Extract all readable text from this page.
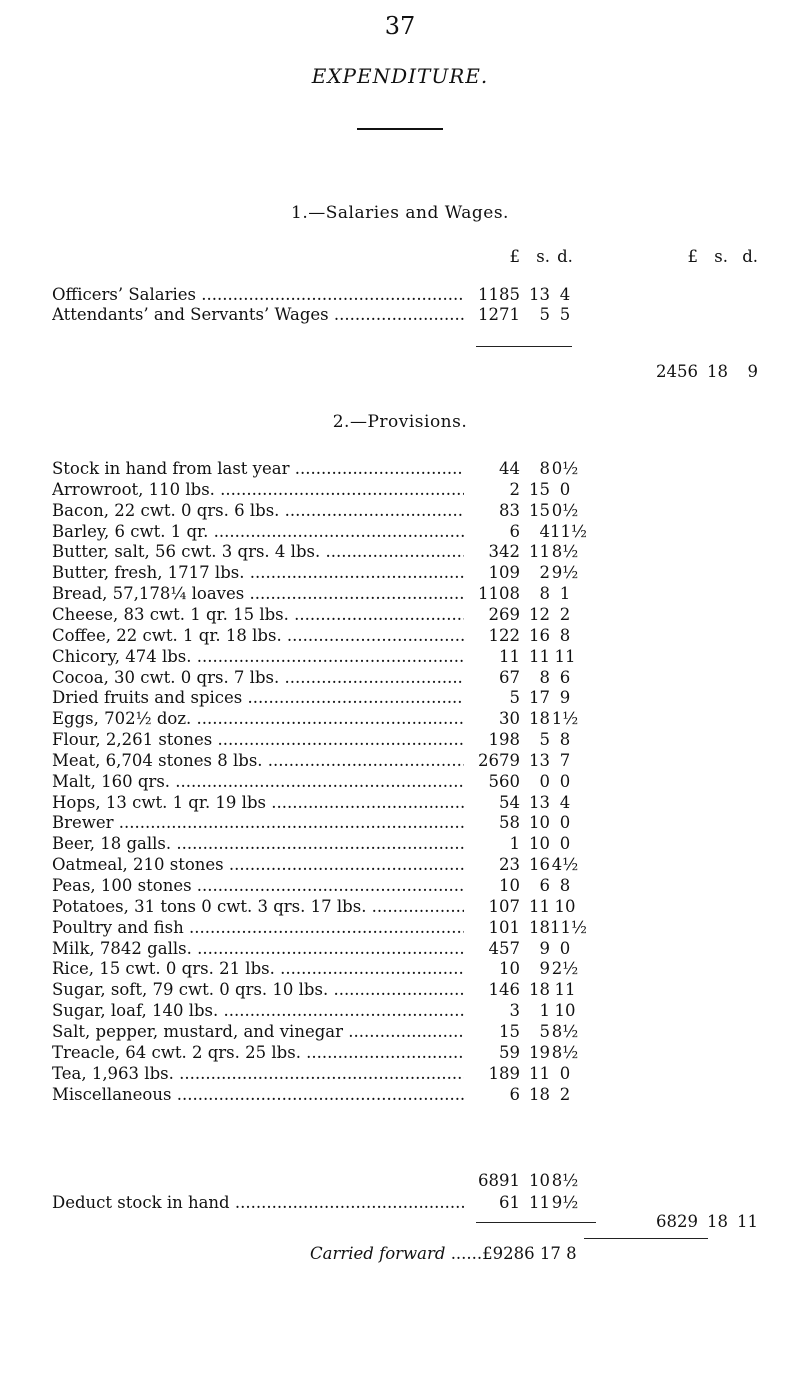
37
EXPENDITURE.
1.—Salaries and Wages.
£ s. d.	£ s. d.
Officers’ Salaries .....	1185 13 4
Attendants’ and Servants’ Wages .....	1271	5 5
2456 18	9
2.—Provisions.
Stock in hand from last year .....	44	8 0½
Arrowroot, 110 lbs. .....	2 15 0
Bacon, 22 cwt. 0 qrs. 6 lbs. .....	83 15 0½
Barley, 6 cwt. 1 qr. .....	6	4 11½
Butter, salt, 56 cwt. 3 qrs. 4 lbs. .....	342 11 8½
Butter, fresh, 1717 lbs. .....	109	2 9½
Bread, 57,178¼ loaves .....	1108	8 1
Cheese, 83 cwt. 1 qr. 15 lbs. .....	269 12 2
Coffee, 22 cwt. 1 qr. 18 lbs. .....	122 16 8
Chicory, 474 lbs. .....	11 11 11
Cocoa, 30 cwt. 0 qrs. 7 lbs. .....	67	8 6
Dried fruits and spices .....	5 17 9
Eggs, 702½ doz. .....	30 18 1½
Flour, 2,261 stones .....	198	5 8
Meat, 6,704 stones 8 lbs. .....	2679 13 7
Malt, 160 qrs. .....	560	0 0
Hops, 13 cwt. 1 qr. 19 lbs .....	54 13 4
Brewer .....	58 10 0
Beer, 18 galls. .....	1 10 0
Oatmeal, 210 stones .....	23 16 4½
Peas, 100 stones .....	10	6 8
Potatoes, 31 tons 0 cwt. 3 qrs. 17 lbs. .....	107 11 10
Poultry and fish .....	101 18 11½
Milk, 7842 galls. .....	457	9 0
Rice, 15 cwt. 0 qrs. 21 lbs. .....	10	9 2½
Sugar, soft, 79 cwt. 0 qrs. 10 lbs. .....	146 18 11
Sugar, loaf, 140 lbs. .....	3	1 10
Salt, pepper, mustard, and vinegar .....	15	5 8½
Treacle, 64 cwt. 2 qrs. 25 lbs. .....	59 19 8½
Tea, 1,963 lbs. .....	189 11 0
Miscellaneous .....	6 18 2
6891 10 8½
Deduct stock in hand .....	61 11 9½
6829 18 11
Carried forward ......£9286 17 8
